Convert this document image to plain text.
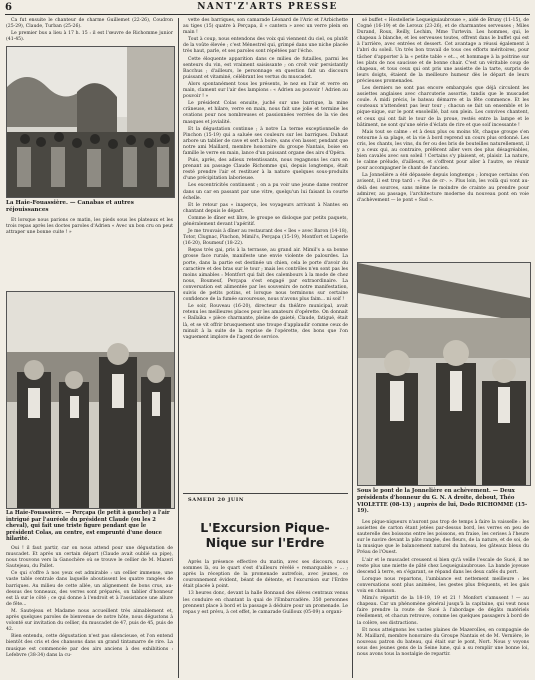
6	NANT'Z'ARTS PRESSE

Ca fut ensuite le chanteur de charme Guillemet (22-26), Coudron (25-29), Claude, Turban (25-26).

Le premier bus a lieu à 17 h. 15 : il est l'œuvre de Richomme junior (41-45).

La Haie-Fouassière. — Canabas et autres réjouissances

Et lorsque nous parions ce matin, les pieds sous les plateaux et les trois repas après les doctes paroles d'Adrien « Avec un bon cru on peut attraper une bonne cuite ! »

La Haie-Fouassière. — Perçapa (le petit à gauche) a l'air intrigué par l'auréole du président Claude (ou les 2 cheval), qui fait une triste figure pendant que le président Colas, au centre, est emprunté d'une douce hilarité.

Oui ! il faut partir, car on nous attend pour une dégustation de muscadet. Et après un certain départ (Claude avait oublié sa pipe), nous trouvons vers la Ganochère où se trouve le cellier de M. Mazeri Sautejeau, du Pallet.

Ce qui s'offre à nos yeux est admirable : un cellier immense, une vaste table centrale dans laquelle aboutissent les quatre rangées de barriques. Au milieu de cette allée, un alignement de bons crus, au-dessus des tonneaux, des verres sont préparés, on tablier d'honneur est là sur le côté ; ce qui donne à l'endroit et à l'assistance une allure de fête...

M. Sautejeau et Madame nous accueillent très aimablement et, après quelques paroles de bienvenue de notre hôte, nous dégustons à volonté sur invitation du cellier, du muscadet de 47, puis de 45, puis de 42.

Bien entendu, cette dégustation n'est pas silencieuse, et l'on entend bientôt des cris et des chansons dans un grand tintamarre de rire. La musique est commencée par des airs anciens à des exhibitions : Lefebvre (38-34) dans la cu-

vette des barriques, son camarade Léonard de l'Aric et l'Arbichette au tiges (15) quatre à Perçapa, il « cantera » avec un verre plein en main !

Tout à coup, nous entendons des voix qui viennent du ciel, ou plutôt de la voûte élevée ; c'est Ménestrel qui, grimpé dans une niche placée très haut, parle, et ses paroles sont répétées par l'écho.

Cette éloquente apparition dans ce milieu de futailles, parmi les senteurs du vin, est vraiment saisissante ; on croit voir persistantly Bacchus ; d'ailleurs, le personnage en question fait un discours puissant et vitaminé, célébrant les vertus du muscadet.

Alors spontanément tous les présents, le nez en l'air et verre en main, clament sur l'air des lampions : « Adrien au pouvoir ! Adrien au pouvoir ! »

Le président Colas ensuite, juché sur une barrique, la mine crâneuse, et hilare, verre en main, nous fait une jolie et termine les ovations pour nos nombreuses et passionnées verrées de la vie des masques et jovialité.

Et la dégustation continue ; à notre La terme exceptionnelle de Pinchon (15-19) qui a saluée ses couleurs sur les barriques. Duhaut arbore un tablier de cave et sert à boire, sans s'en lasser, pendant que notre ami Maillard, membre honoraire du groupe Nantais, boise en famille le verre en main, lance d'un puissant organe des airs d'Opéra.

Puis, après, des adieux retentissants, nous regagnons les cars en prenant au passage Claude Richomme qui, depuis longtemps, était resté prendre l'air et restituer à la nature quelques sous-produits d'une précipitation laborieuse.

Les excentricités continuent ; on a pu voir une jeune dame rentrer dans un car en passant par une vitre, quelqu'un lui faisant la courte échelle.

Et le retour pas « inaperçu, les voyageurs arrivant à Nantes en chantant depuis le départ.

Comme le dîner est libre, le groupe se disloque par petits paquets, généralement devant l'apéritif.

Je me trouvais à dîner au restaurant des « îles » avec Baron (14-18), Totor, Clugnac, Pinchon, Mimil's, Perçapa (15-19), Montfort et Laperle (16-20), Boumeuf (18-22).

Repas très gai, pris à la terrasse, au grand air. Mimil's a sa bonne grosse face rurale, manifeste une envie violente de palourdes. La porte, dans la partie est destinée un chien, cela le porte d'avoir du caractère et des bras sur le tour ; mais les contrôles n'en sont pas les moins aimables : Montfort qui fait des calembours à la mode de chez nous, Boumeuf, Perçapa s'est engagé par extraordinaire. La conversation est alimentée par les souvenirs de notre manifestation, suivis de petits potins, et lorsque nous terminons sur certaine confidence de la fumée savoureuse, nous n'avons plus faim... ni soif !

Le soir, Rouveau (16-20), directeur du théâtre municipal, avait retenu les meilleures places pour les amateurs d'opérette. On donnait « Baïlaïka » pièce charmante, pleine de gaieté, Claude, fatigué, était là, et se vit offrir brusquement une troupe d'applaudir comme ceux de minuit à la suite de la reprise de l'opérette, des bons que l'on vaguement implore de l'agent de service.

SAMEDI 20 JUIN
L'Excursion Pique-Nique sur l'Erdre

Après la présence effective du matin, avec ses discours, nous sommes là, ou le quart s'est d'ailleurs révélé « remarquable » ... ; après la réception de la promenade autrefois, avec jeunes, ce couronnement évident, béant de détente, et l'excursion sur l'Erdre était placée à point.

13 heures donc, devant la halle Bonnaud des élèves centraux venus les conduire en chantant la quai de l'Embarcadère. 350 personnes prennent place à bord et la passage à déduire pour un promenade. Le repas y est prévu, à cet effet, le camarade Guilloux (05-09) a organi-

sé buffet « Hostellerie Lequeiguiaubrouse », aidé de Bruny (11-15), de Cogné (16-19) et de Leroux (23-26), et de charmantes serveuses ; Miles Durand, Roux, Reilly, Lechim, Mme Turtevin. Les hommes, qui, le chapeau à blanche, et les serveuses toutes, offrent dans le buffet qui est à l'arrière, avec entrées et dessert. Cet avantage a réussi également à l'abri du soleil. Un très bon travail de tous ces efforts méritoires, pour tâcher d'apporter à la « petite table » et..., et hommage à la poitrine sur les plats de nos saucisse et de bonne chair. C'est un véritable coup de chapeau, et tous ceux qui ont pris une assiette de la tarte, surpris de leurs doigts, étaient de la meilleure humeur dès le départ de leurs précieuses promenades.

Les derniers ne sont pas encore embarqués que déjà circulent les assiettes anglaises avec charcuterie assortie, tandis que le muscadet coule. À midi précis, le bateau démarre et la fête commence. Et les couteaux n'attendent pas leur tour ; chacun se fait un ensemble et le pique-nique, sur le pont ensoleillé, bat son plein. Les convives chantent, et ceux qui ont fait le tour de la proue, restés entre la lampe et le bâtiment, ne sont qu'une série d'éclats de rire et que soif incessante !

Mais tout se calme : et à deux plus ou moins tôt, chaque groupe s'en retourne à sa plage, et la vie à bord reprend un cours plus ordonné. Les cris, les chants, les vins, du fer ou des bris de bouteilles naturellement, il y a ceux qui, au contraire, préfèrent aller vers des plus désagréables, bien cavalés avec son soleil ! Certains s'y plaisent, et, plaisir. La nature, le calme prélude, d'ailleurs, et s'offrent pour aller à l'autre, se réunir pour accompagner le chant de l'ancien.

La Jonnelière a été dépassée depuis longtemps ; lorsque certains s'en avisent, il est trop tard : « Pas de cr-. ». Plus loin, les voilà qui vont au-delà des sources, sans même le moindre de crainte au prendre pour admirer, au passage, l'architecture moderne du nouveau pont en voie d'achèvement — le pont « Sud ».

Sous le pont de la Jonnelière en achèvement. — Deux présidents d'honneur du G. N. A droite, debout, Théo VIOLETTE (08-13) ; auprès de lui, Dodo RICHOMME (15-19).

Les pique-niqueurs n'auront pas trop de temps à faire la vaisselle : les assiettes de carton étant jetées par-dessus bord, les verres en peu de sauterelle des boissons entre les poissons, en fraise, les cerises à l'heure sur le navire devant la pâte rangée, des fleurs, de la nature, et de soi, de la musique que le balancement naturel du bateau, les gâteaux bleus du Préau de l'Ouest.

L'air et le muscadet creusent si bien qu'à veille l'escale de Sucé, il ne reste plus une miette de pâté chez Lequeiguiaubrouse. La bande joyeuse descend à terre, en s'égarant, se répand dans les deux cafés du port.

Lorsque nous repartons, l'ambiance est nettement meilleure : les conversations sont plus animées, les gestes plus fréquents, et les gais voix en chanson.

Mimi's répartit de la 18-19, 19 et 21 ! Monfort s'amusent ! — au chapeau. Car un phénomène général jusqu'à la capitaine, qui veut nous faire prendre la route de Sucé à l'abordage de dégâts matériels réellement, et chacun retrouve, comme les quelques passagers à bord de la colère, ses distractions.

Et nous atteignons les vastes plaines de Mazerolles, en compagnie de M. Maillard, membre honoraire du Groupe Nantais et de M. Vernière, le nouveau patron du bateau, qui était sur le pont, Nort. Nous y voyons sous des jeunes gens de la Seine lune, qui a su remplir une bonne loi, nous avons tous la nostalgie de repartir.
